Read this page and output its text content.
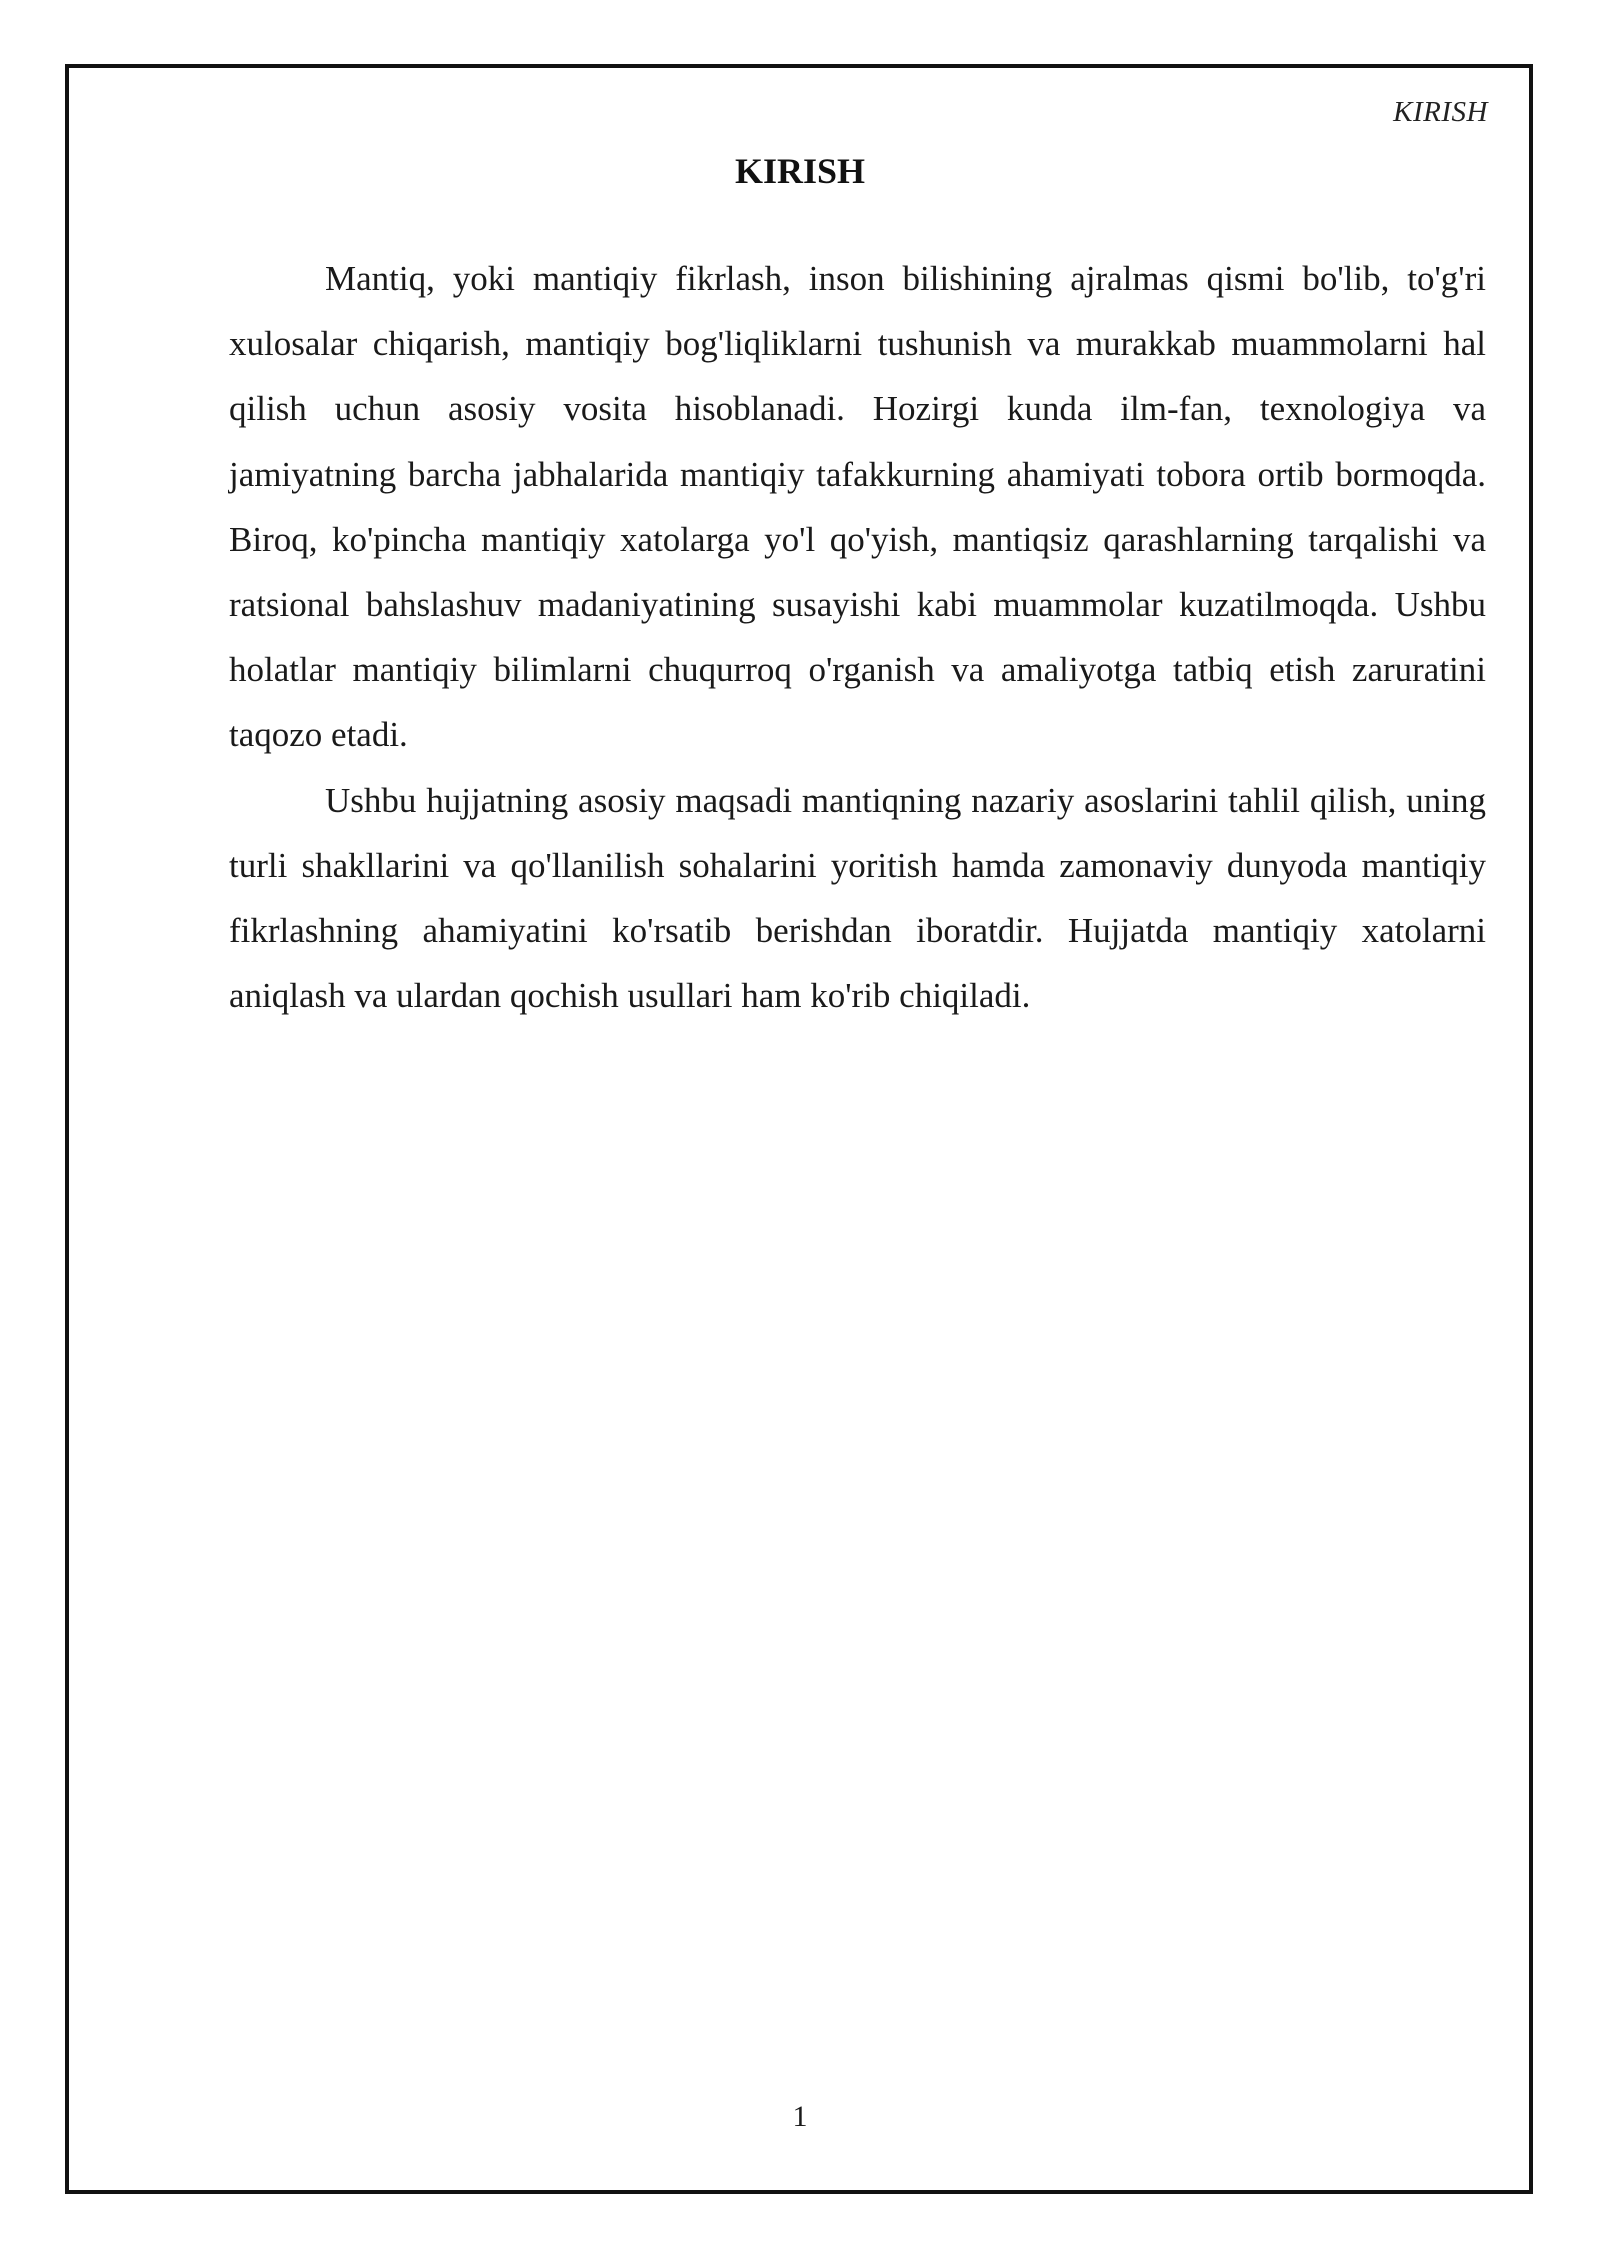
KIRISH
KIRISH

Mantiq, yoki mantiqiy fikrlash, inson bilishining ajralmas qismi bo'lib, to'g'ri xulosalar chiqarish, mantiqiy bog'liqliklarni tushunish va murakkab muammolarni hal qilish uchun asosiy vosita hisoblanadi. Hozirgi kunda ilm-fan, texnologiya va jamiyatning barcha jabhalarida mantiqiy tafakkurning ahamiyati tobora ortib bormoqda. Biroq, ko'pincha mantiqiy xatolarga yo'l qo'yish, mantiqsiz qarashlarning tarqalishi va ratsional bahslashuv madaniyatining susayishi kabi muammolar kuzatilmoqda. Ushbu holatlar mantiqiy bilimlarni chuqurroq o'rganish va amaliyotga tatbiq etish zaruratini taqozo etadi.

Ushbu hujjatning asosiy maqsadi mantiqning nazariy asoslarini tahlil qilish, uning turli shakllarini va qo'llanilish sohalarini yoritish hamda zamonaviy dunyoda mantiqiy fikrlashning ahamiyatini ko'rsatib berishdan iboratdir. Hujjatda mantiqiy xatolarni aniqlash va ulardan qochish usullari ham ko'rib chiqiladi.

1
